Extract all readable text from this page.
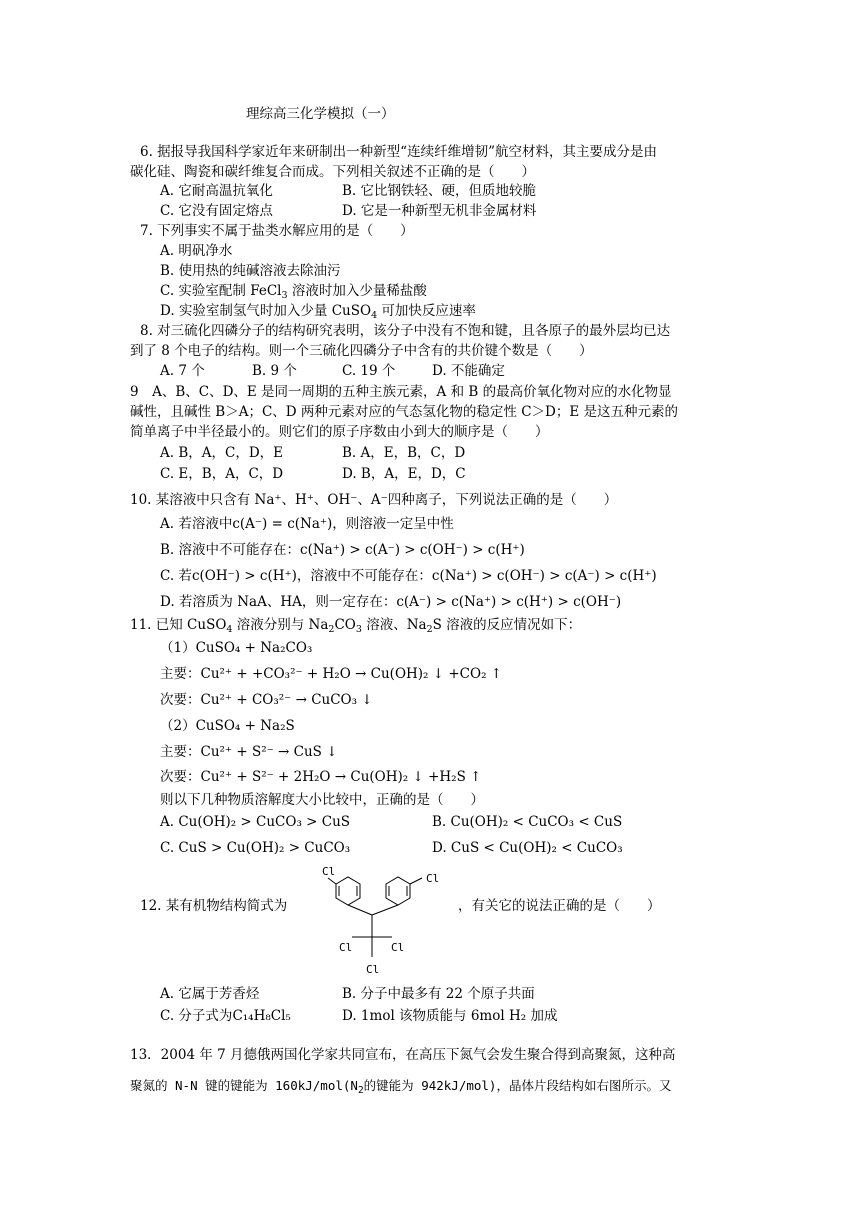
理综高三化学模拟（一）
6. 据报导我国科学家近年来研制出一种新型“连续纤维增韧”航空材料，其主要成分是由
碳化硅、陶瓷和碳纤维复合而成。下列相关叙述不正确的是（　　）
A. 它耐高温抗氧化	B. 它比钢铁轻、硬，但质地较脆
C. 它没有固定熔点	D. 它是一种新型无机非金属材料
7. 下列事实不属于盐类水解应用的是（　　）
A. 明矾净水
B. 使用热的纯碱溶液去除油污
C. 实验室配制 FeCl$_3$ 溶液时加入少量稀盐酸
D. 实验室制氢气时加入少量 CuSO$_4$ 可加快反应速率
8. 对三硫化四磷分子的结构研究表明，该分子中没有不饱和键，且各原子的最外层均已达
到了 8 个电子的结构。则一个三硫化四磷分子中含有的共价键个数是（　　）
A. 7 个	B. 9 个	C. 19 个	D. 不能确定
9　A、B、C、D、E 是同一周期的五种主族元素，A 和 B 的最高价氧化物对应的水化物显
碱性，且碱性 B＞A；C、D 两种元素对应的气态氢化物的稳定性 C＞D；E 是这五种元素的
简单离子中半径最小的。则它们的原子序数由小到大的顺序是（　　）
A. B，A，C，D，E	B. A，E，B，C，D
C. E，B，A，C，D	D. B，A，E，D，C
10. 某溶液中只含有 Na⁺、H⁺、OH⁻、A⁻四种离子，下列说法正确的是（　　）
A. 若溶液中c(A⁻) = c(Na⁺)，则溶液一定呈中性
B. 溶液中不可能存在：c(Na⁺) > c(A⁻) > c(OH⁻) > c(H⁺)
C. 若c(OH⁻) > c(H⁺)，溶液中不可能存在：c(Na⁺) > c(OH⁻) > c(A⁻) > c(H⁺)
D. 若溶质为 NaA、HA，则一定存在：c(A⁻) > c(Na⁺) > c(H⁺) > c(OH⁻)
11. 已知 CuSO$_4$ 溶液分别与 $Na_2CO_3$ 溶液、$Na_2S$ 溶液的反应情况如下：
（1）CuSO₄ + Na₂CO₃
主要：Cu²⁺ + +CO₃²⁻ + H₂O → Cu(OH)₂ ↓ +CO₂ ↑
次要：Cu²⁺ + CO₃²⁻ → CuCO₃ ↓
（2）CuSO₄ + Na₂S
主要：Cu²⁺ + S²⁻ → CuS ↓
次要：Cu²⁺ + S²⁻ + 2H₂O → Cu(OH)₂ ↓ +H₂S ↑
则以下几种物质溶解度大小比较中，正确的是（　　）
A. Cu(OH)₂ > CuCO₃ > CuS	B. Cu(OH)₂ < CuCO₃ < CuS
C. CuS > Cu(OH)₂ > CuCO₃	D. CuS < Cu(OH)₂ < CuCO₃
12. 某有机物结构简式为
Cl
Cl
Cl	Cl
Cl
，有关它的说法正确的是（　　）
A. 它属于芳香烃	B. 分子中最多有 22 个原子共面
C. 分子式为C₁₄H₈Cl₅	D. 1mol 该物质能与 6mol H₂ 加成
13．2004 年 7 月德俄两国化学家共同宣布，在高压下氮气会发生聚合得到高聚氮，这种高
聚氮的 N-N 键的键能为 $160kJ/mol(N_2$的键能为 942kJ/mol)，晶体片段结构如右图所示。又
